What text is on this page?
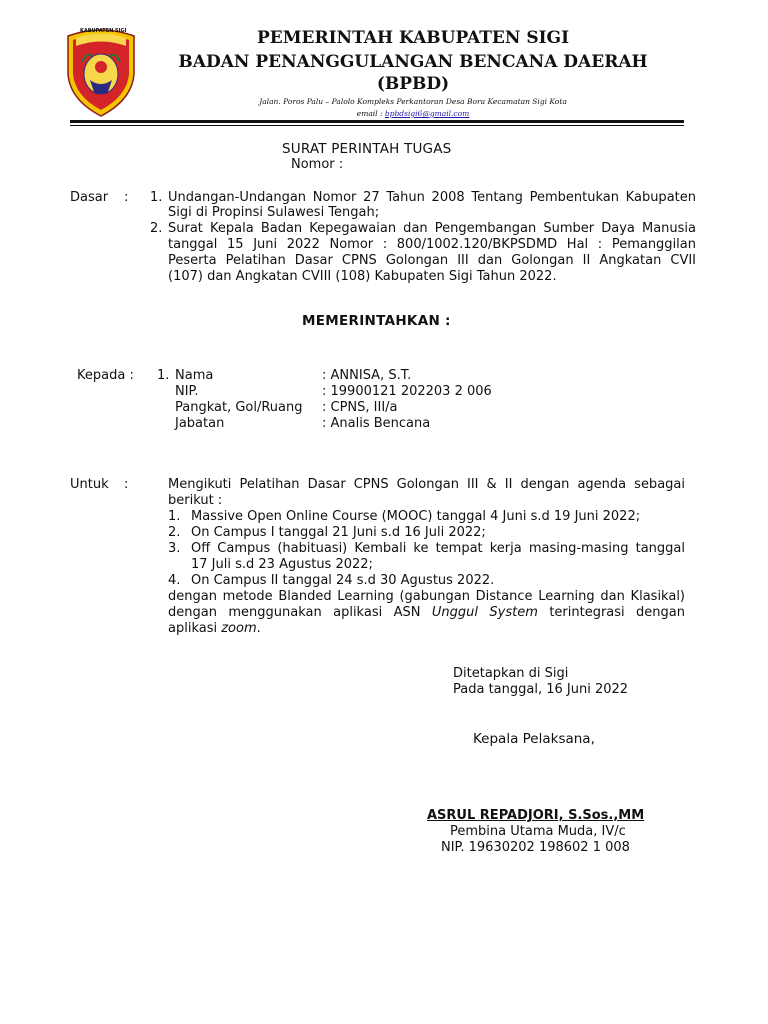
KABUPATEN SIGI	PEMERINTAH KABUPATEN SIGI
BADAN PENANGGULANGAN BENCANA DAERAH
(BPBD)
Jalan. Poros Palu – Palolo Kompleks Perkantoran Desa Bora Kecamatan Sigi Kota
email : bpbdsigi6@gmail.com
SURAT PERINTAH TUGAS
Nomor :
Dasar : 1. Undangan-Undangan Nomor 27 Tahun 2008 Tentang Pembentukan Kabupaten
Sigi di Propinsi Sulawesi Tengah;
2. Surat Kepala Badan Kepegawaian dan Pengembangan Sumber Daya Manusia
tanggal 15 Juni 2022 Nomor : 800/1002.120/BKPSDMD Hal : Pemanggilan
Peserta Pelatihan Dasar CPNS Golongan III dan Golongan II Angkatan CVII
(107) dan Angkatan CVIII (108) Kabupaten Sigi Tahun 2022.
MEMERINTAHKAN :
Kepada : 1. Nama	: ANNISA, S.T.
NIP.	: 19900121 202203 2 006
Pangkat, Gol/Ruang : CPNS, III/a
Jabatan	: Analis Bencana
Untuk :	Mengikuti Pelatihan Dasar CPNS Golongan III & II dengan agenda sebagai
berikut :
1. Massive Open Online Course (MOOC) tanggal 4 Juni s.d 19 Juni 2022;
2. On Campus I tanggal 21 Juni s.d 16 Juli 2022;
3. Off Campus (habituasi) Kembali ke tempat kerja masing-masing tanggal
17 Juli s.d 23 Agustus 2022;
4. On Campus II tanggal 24 s.d 30 Agustus 2022.
dengan metode Blanded Learning (gabungan Distance Learning dan Klasikal)
dengan menggunakan aplikasi ASN Unggul System terintegrasi dengan
aplikasi zoom.
Ditetapkan di Sigi
Pada tanggal, 16 Juni 2022
Kepala Pelaksana,
ASRUL REPADJORI, S.Sos.,MM
Pembina Utama Muda, IV/c
NIP. 19630202 198602 1 008
